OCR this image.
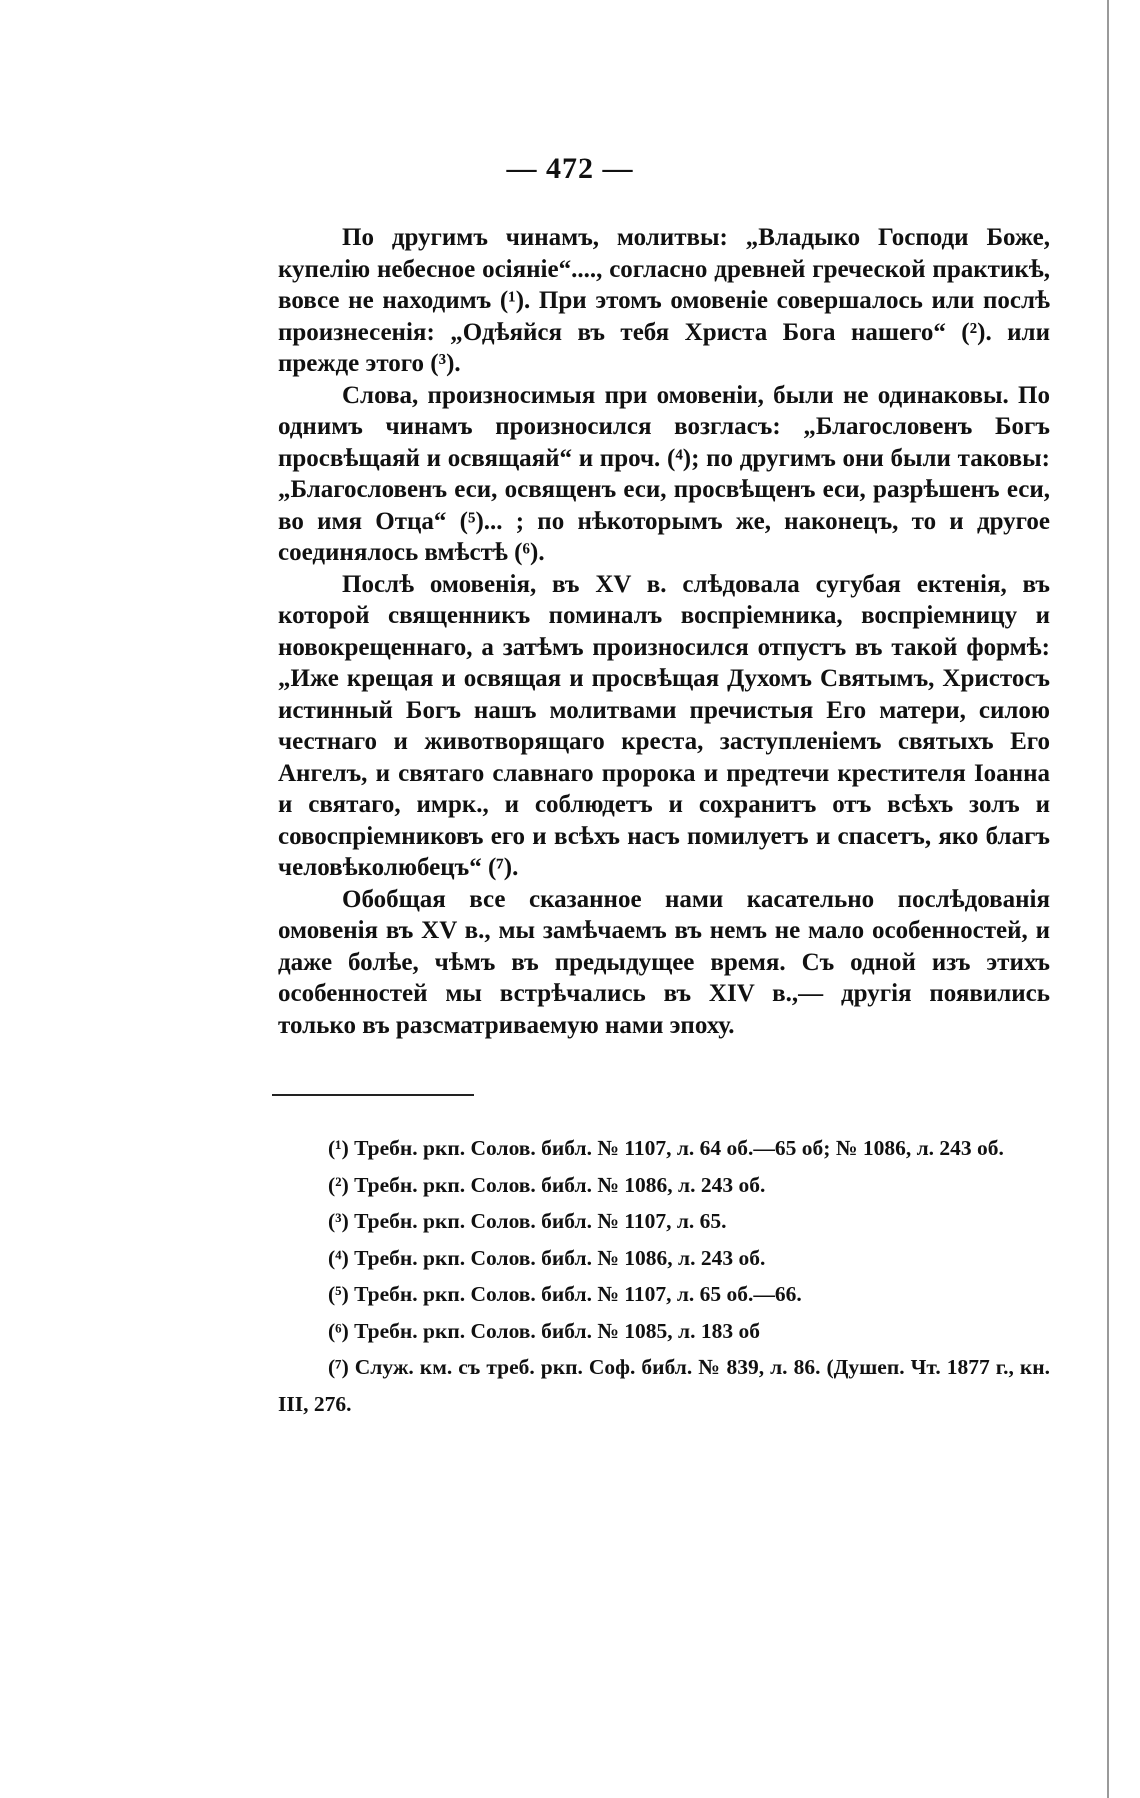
— 472 —

По другимъ чинамъ, молитвы: „Владыко Господи Боже, купелію небесное осіяніе“...., согласно древней греческой практикѣ, вовсе не находимъ (¹). При этомъ омовеніе совершалось или послѣ произнесенія: „Одѣяйся въ тебя Христа Бога нашего“ (²). или прежде этого (³).

Слова, произносимыя при омовеніи, были не одинаковы. По однимъ чинамъ произносился возгласъ: „Благословенъ Богъ просвѣщаяй и освящаяй“ и проч. (⁴); по другимъ они были таковы: „Благословенъ еси, освященъ еси, просвѣщенъ еси, разрѣшенъ еси, во имя Отца“ (⁵)... ; по нѣкоторымъ же, наконецъ, то и другое соединялось вмѣстѣ (⁶).

Послѣ омовенія, въ XV в. слѣдовала сугубая ектенія, въ которой священникъ поминалъ воспріемника, воспріемницу и новокрещеннаго, а затѣмъ произносился отпустъ въ такой формѣ: „Иже крещая и освящая и просвѣщая Духомъ Святымъ, Христосъ истинный Богъ нашъ молитвами пречистыя Его матери, силою честнаго и животворящаго креста, заступленіемъ святыхъ Его Ангелъ, и святаго славнаго пророка и предтечи крестителя Іоанна и святаго, имрк., и соблюдетъ и сохранитъ отъ всѣхъ золъ и совоспріемниковъ его и всѣхъ насъ помилуетъ и спасетъ, яко благъ человѣколюбецъ“ (⁷).

Обобщая все сказанное нами касательно послѣдованія омовенія въ XV в., мы замѣчаемъ въ немъ не мало особенностей, и даже болѣе, чѣмъ въ предыдущее время. Съ одной изъ этихъ особенностей мы встрѣчались въ XIV в.,— другія появились только въ разсматриваемую нами эпоху.

(¹) Требн. ркп. Солов. библ. № 1107, л. 64 об.—65 об; № 1086, л. 243 об.

(²) Требн. ркп. Солов. библ. № 1086, л. 243 об.

(³) Требн. ркп. Солов. библ. № 1107, л. 65.

(⁴) Требн. ркп. Солов. библ. № 1086, л. 243 об.

(⁵) Требн. ркп. Солов. библ. № 1107, л. 65 об.—66.

(⁶) Требн. ркп. Солов. библ. № 1085, л. 183 об

(⁷) Служ. км. съ треб. ркп. Соф. библ. № 839, л. 86. (Душеп. Чт. 1877 г., кн. III, 276.
